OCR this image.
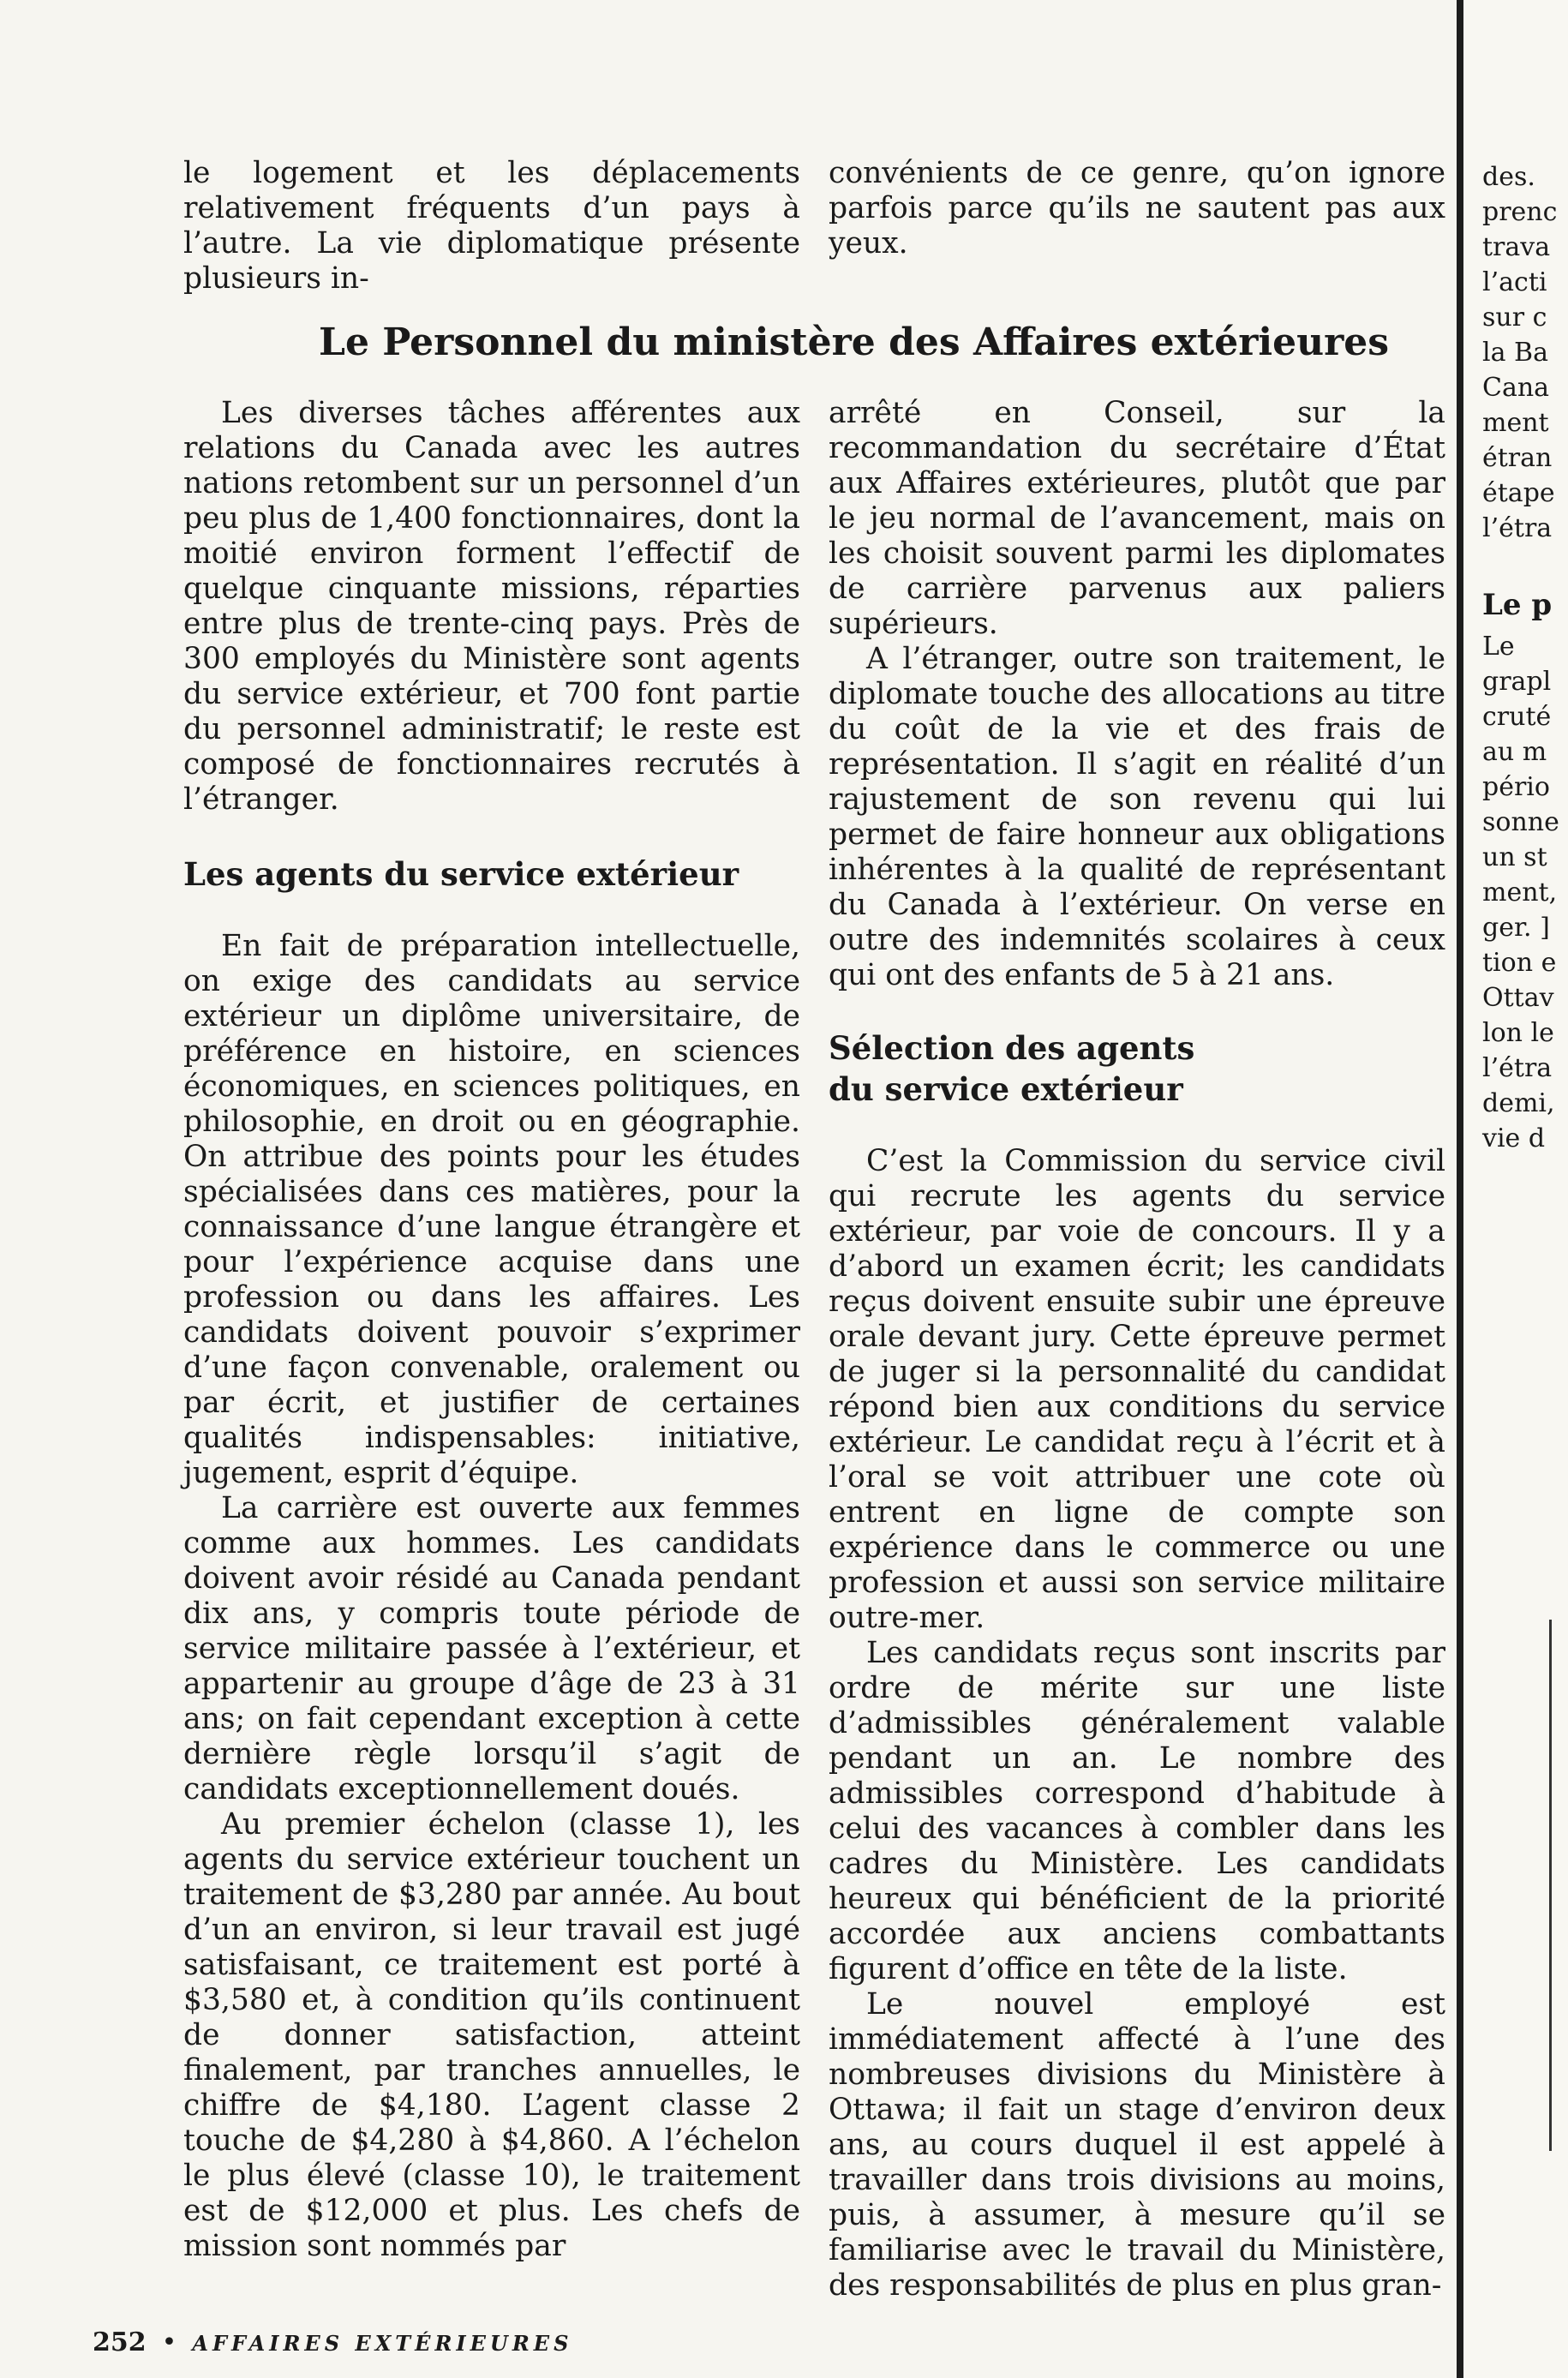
le logement et les déplacements relativement fréquents d’un pays à l’autre. La vie diplomatique présente plusieurs in-

convénients de ce genre, qu’on ignore parfois parce qu’ils ne sautent pas aux yeux.

Le Personnel du ministère des Affaires extérieures

Les diverses tâches afférentes aux relations du Canada avec les autres nations retombent sur un personnel d’un peu plus de 1,400 fonctionnaires, dont la moitié environ forment l’effectif de quelque cinquante missions, réparties entre plus de trente-cinq pays. Près de 300 employés du Ministère sont agents du service extérieur, et 700 font partie du personnel administratif; le reste est composé de fonctionnaires recrutés à l’étranger.

Les agents du service extérieur

En fait de préparation intellectuelle, on exige des candidats au service extérieur un diplôme universitaire, de préférence en histoire, en sciences économiques, en sciences politiques, en philosophie, en droit ou en géographie. On attribue des points pour les études spécialisées dans ces matières, pour la connaissance d’une langue étrangère et pour l’expérience acquise dans une profession ou dans les affaires. Les candidats doivent pouvoir s’exprimer d’une façon convenable, oralement ou par écrit, et justifier de certaines qualités indispensables: initiative, jugement, esprit d’équipe.

La carrière est ouverte aux femmes comme aux hommes. Les candidats doivent avoir résidé au Canada pendant dix ans, y compris toute période de service militaire passée à l’extérieur, et appartenir au groupe d’âge de 23 à 31 ans; on fait cependant exception à cette dernière règle lorsqu’il s’agit de candidats exceptionnellement doués.

Au premier échelon (classe 1), les agents du service extérieur touchent un traitement de $3,280 par année. Au bout d’un an environ, si leur travail est jugé satisfaisant, ce traitement est porté à $3,580 et, à condition qu’ils continuent de donner satisfaction, atteint finalement, par tranches annuelles, le chiffre de $4,180. L’agent classe 2 touche de $4,280 à $4,860. A l’échelon le plus élevé (classe 10), le traitement est de $12,000 et plus. Les chefs de mission sont nommés par

arrêté en Conseil, sur la recommandation du secrétaire d’État aux Affaires extérieures, plutôt que par le jeu normal de l’avancement, mais on les choisit souvent parmi les diplomates de carrière parvenus aux paliers supérieurs.

A l’étranger, outre son traitement, le diplomate touche des allocations au titre du coût de la vie et des frais de représentation. Il s’agit en réalité d’un rajustement de son revenu qui lui permet de faire honneur aux obligations inhérentes à la qualité de représentant du Canada à l’extérieur. On verse en outre des indemnités scolaires à ceux qui ont des enfants de 5 à 21 ans.

Sélection des agents
du service extérieur

C’est la Commission du service civil qui recrute les agents du service extérieur, par voie de concours. Il y a d’abord un examen écrit; les candidats reçus doivent ensuite subir une épreuve orale devant jury. Cette épreuve permet de juger si la personnalité du candidat répond bien aux conditions du service extérieur. Le candidat reçu à l’écrit et à l’oral se voit attribuer une cote où entrent en ligne de compte son expérience dans le commerce ou une profession et aussi son service militaire outre-mer.

Les candidats reçus sont inscrits par ordre de mérite sur une liste d’admissibles généralement valable pendant un an. Le nombre des admissibles correspond d’habitude à celui des vacances à combler dans les cadres du Ministère. Les candidats heureux qui bénéficient de la priorité accordée aux anciens combattants figurent d’office en tête de la liste.

Le nouvel employé est immédiatement affecté à l’une des nombreuses divisions du Ministère à Ottawa; il fait un stage d’environ deux ans, au cours duquel il est appelé à travailler dans trois divisions au moins, puis, à assumer, à mesure qu’il se familiarise avec le travail du Ministère, des responsabilités de plus en plus gran-

252 • AFFAIRES EXTÉRIEURES
des.
prenc
trava
l’acti
sur c
la Ba
Cana
ment
étran
étape
l’étra
Le p
Le
grapl
cruté
au m
pério
sonne
un st
ment,
ger. ]
tion e
Ottav
lon le
l’étra
demi,
vie d
